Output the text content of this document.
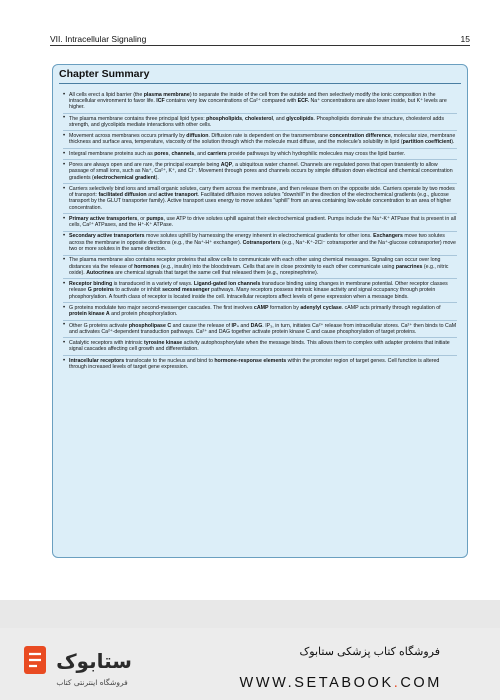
VII. Intracellular Signaling	15
Chapter Summary
• All cells erect a lipid barrier (the plasma membrane) to separate the inside of the cell from the outside and then selectively modify the ionic composition in the intracellular environment to favor life. ICF contains very low concentrations of Ca²⁺ compared with ECF. Na⁺ concentrations are also lower inside, but K⁺ levels are higher.
• The plasma membrane contains three principal lipid types: phospholipids, cholesterol, and glycolipids. Phospholipids dominate the structure, cholesterol adds strength, and glycolipids mediate interactions with other cells.
• Movement across membranes occurs primarily by diffusion. Diffusion rate is dependent on the transmembrane concentration difference, molecular size, membrane thickness and surface area, temperature, viscosity of the solution through which the molecule must diffuse, and the molecule's solubility in lipid (partition coefficient).
• Integral membrane proteins such as pores, channels, and carriers provide pathways by which hydrophilic molecules may cross the lipid barrier.
• Pores are always open and are rare, the principal example being AQP, a ubiquitous water channel. Channels are regulated pores that open transiently to allow passage of small ions, such as Na⁺, Ca²⁺, K⁺, and Cl⁻. Movement through pores and channels occurs by simple diffusion down electrical and chemical concentration gradients (electrochemical gradient).
• Carriers selectively bind ions and small organic solutes, carry them across the membrane, and then release them on the opposite side. Carriers operate by two modes of transport: facilitated diffusion and active transport. Facilitated diffusion moves solutes "downhill" in the direction of the electrochemical gradients (e.g., glucose transport by the GLUT transporter family). Active transport uses energy to move solutes "uphill" from an area containing low-solute concentration to an area of higher concentration.
• Primary active transporters, or pumps, use ATP to drive solutes uphill against their electrochemical gradient. Pumps include the Na⁺-K⁺ ATPase that is present in all cells, Ca²⁺ ATPases, and the H⁺-K⁺ ATPase.
• Secondary active transporters move solutes uphill by harnessing the energy inherent in electrochemical gradients for other ions. Exchangers move two solutes across the membrane in opposite directions (e.g., the Na⁺-H⁺ exchanger). Cotransporters (e.g., Na⁺-K⁺-2Cl⁻ cotransporter and the Na⁺-glucose cotransporter) move two or more solutes in the same direction.
• The plasma membrane also contains receptor proteins that allow cells to communicate with each other using chemical messages. Signaling can occur over long distances via the release of hormones (e.g., insulin) into the bloodstream. Cells that are in close proximity to each other communicate using paracrines (e.g., nitric oxide). Autocrines are chemical signals that target the same cell that released them (e.g., norepinephrine).
• Receptor binding is transduced in a variety of ways. Ligand-gated ion channels transduce binding using changes in membrane potential. Other receptor classes release G proteins to activate or inhibit second messenger pathways. Many receptors possess intrinsic kinase activity and signal occupancy through protein phosphorylation. A fourth class of receptor is located inside the cell. Intracellular receptors affect levels of gene expression when a message binds.
• G proteins modulate two major second-messenger cascades. The first involves cAMP formation by adenylyl cyclase. cAMP acts primarily through regulation of protein kinase A and protein phosphorylation.
• Other G proteins activate phospholipase C and cause the release of IP₃ and DAG. IP₃, in turn, initiates Ca²⁺ release from intracellular stores. Ca²⁺ then binds to CaM and activates Ca²⁺-dependent transduction pathways. Ca²⁺ and DAG together activate protein kinase C and cause phosphorylation of target proteins.
• Catalytic receptors with intrinsic tyrosine kinase activity autophosphorylate when the message binds. This allows them to complex with adapter proteins that initiate signal cascades affecting cell growth and differentiation.
• Intracellular receptors translocate to the nucleus and bind to hormone-response elements within the promoter region of target genes. Cell function is altered through increased levels of target gene expression.
ستابوک
فروشگاه اینترنتی کتاب
فروشگاه کتاب پزشکی ستابوک
WWW.SETABOOK.COM
